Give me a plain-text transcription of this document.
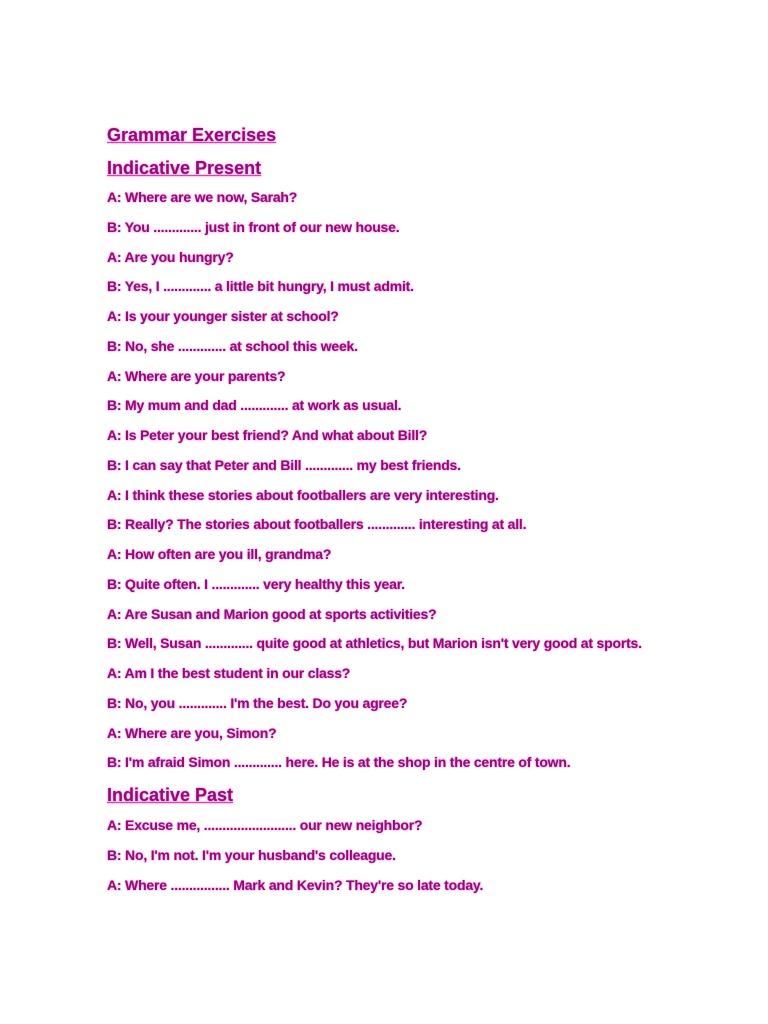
Grammar Exercises
Indicative Present

A: Where are we now, Sarah?

B: You ............. just in front of our new house.

A: Are you hungry?

B: Yes, I ............. a little bit hungry, I must admit.

A: Is your younger sister at school?

B: No, she ............. at school this week.

A: Where are your parents?

B: My mum and dad ............. at work as usual.

A: Is Peter your best friend? And what about Bill?

B: I can say that Peter and Bill ............. my best friends.

A: I think these stories about footballers are very interesting.

B: Really? The stories about footballers ............. interesting at all.

A: How often are you ill, grandma?

B: Quite often. I ............. very healthy this year.

A: Are Susan and Marion good at sports activities?

B: Well, Susan ............. quite good at athletics, but Marion isn't very good at sports.

A: Am I the best student in our class?

B: No, you ............. I'm the best. Do you agree?

A: Where are you, Simon?

B: I'm afraid Simon ............. here. He is at the shop in the centre of town.

Indicative Past

A: Excuse me, ......................... our new neighbor?

B: No, I'm not. I'm your husband's colleague.

A: Where ................ Mark and Kevin? They're so late today.
